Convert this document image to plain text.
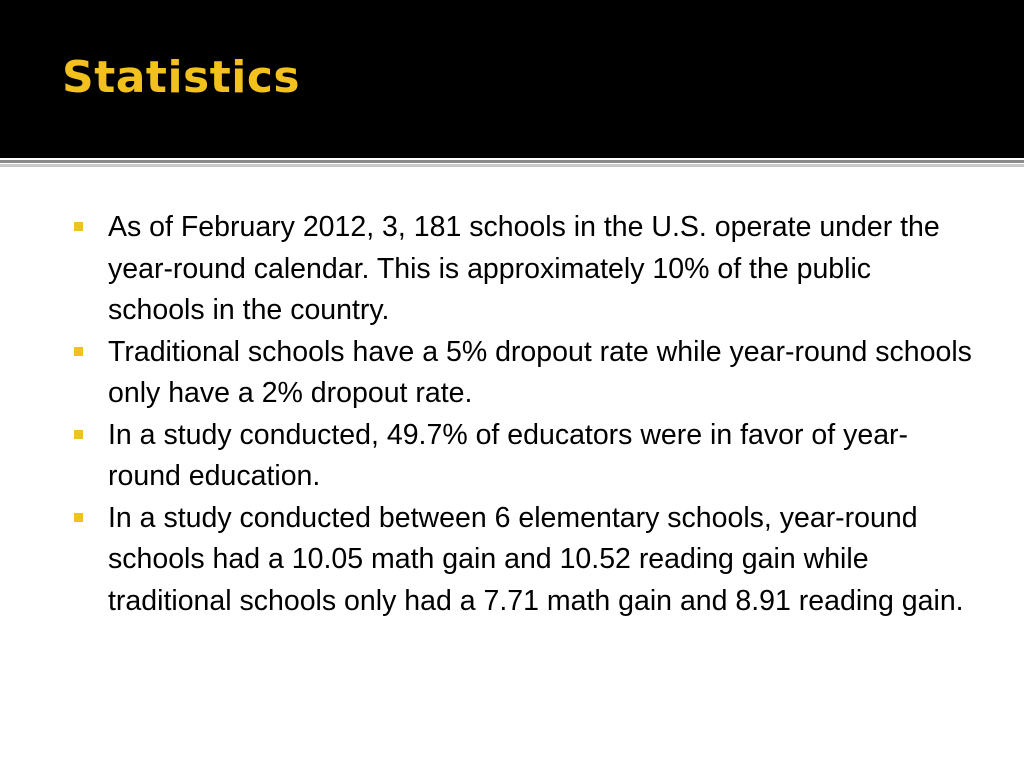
Statistics
As of February 2012, 3, 181 schools in the U.S. operate under the year-round calendar. This is approximately 10% of the public schools in the country.
Traditional schools have a 5% dropout rate while year-round schools only have a 2% dropout rate.
In a study conducted, 49.7% of educators were in favor of year-round education.
In a study conducted between 6 elementary schools, year-round schools had a 10.05 math gain and 10.52 reading gain while traditional schools only had a 7.71 math gain and 8.91 reading gain.
